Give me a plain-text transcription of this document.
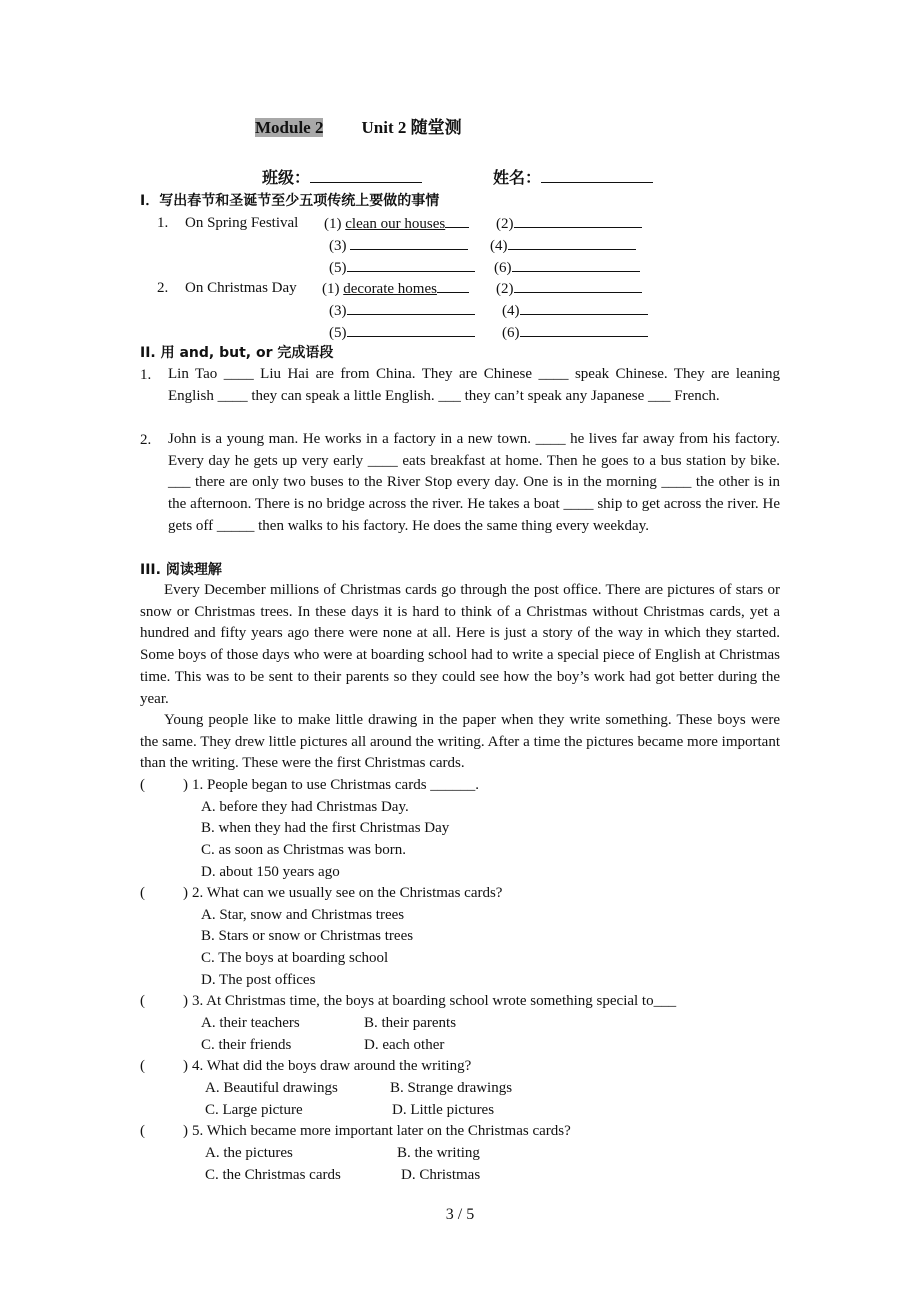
Module 2 Unit 2 随堂测
班级：	姓名：
I．写出春节和圣诞节至少五项传统上要做的事情
1. On Spring Festival (1) clean our houses	(2)
(3)	(4)
(5)	(6)
2. On Christmas Day (1) decorate homes	(2)
(3)	(4)
(5)	(6)
II. 用 and, but, or 完成语段
1. Lin Tao ____ Liu Hai are from China. They are Chinese ____ speak Chinese. They are leaning English ____ they can speak a little English. ___ they can’t speak any Japanese ___ French.
2. John is a young man. He works in a factory in a new town. ____ he lives far away from his factory. Every day he gets up very early ____ eats breakfast at home. Then he goes to a bus station by bike. ___ there are only two buses to the River Stop every day. One is in the morning ____ the other is in the afternoon. There is no bridge across the river. He takes a boat ____ ship to get across the river. He gets off _____ then walks to his factory. He does the same thing every weekday.
III. 阅读理解
Every December millions of Christmas cards go through the post office. There are pictures of stars or snow or Christmas trees. In these days it is hard to think of a Christmas without Christmas cards, yet a hundred and fifty years ago there were none at all. Here is just a story of the way in which they started. Some boys of those days who were at boarding school had to write a special piece of English at Christmas time. This was to be sent to their parents so they could see how the boy’s work had got better during the year.
Young people like to make little drawing in the paper when they write something. These boys were the same. They drew little pictures all around the writing. After a time the pictures became more important than the writing. These were the first Christmas cards.
(	) 1. People began to use Christmas cards ______.
A. before they had Christmas Day.
B. when they had the first Christmas Day
C. as soon as Christmas was born.
D. about 150 years ago
(	) 2. What can we usually see on the Christmas cards?
A. Star, snow and Christmas trees
B. Stars or snow or Christmas trees
C. The boys at boarding school
D. The post offices
(	) 3. At Christmas time, the boys at boarding school wrote something special to___
A. their teachers	B. their parents
C. their friends	D. each other
(	) 4. What did the boys draw around the writing?
A. Beautiful drawings	B. Strange drawings
C. Large picture	D. Little pictures
(	) 5. Which became more important later on the Christmas cards?
A. the pictures	B. the writing
C. the Christmas cards	D. Christmas
3 / 5
